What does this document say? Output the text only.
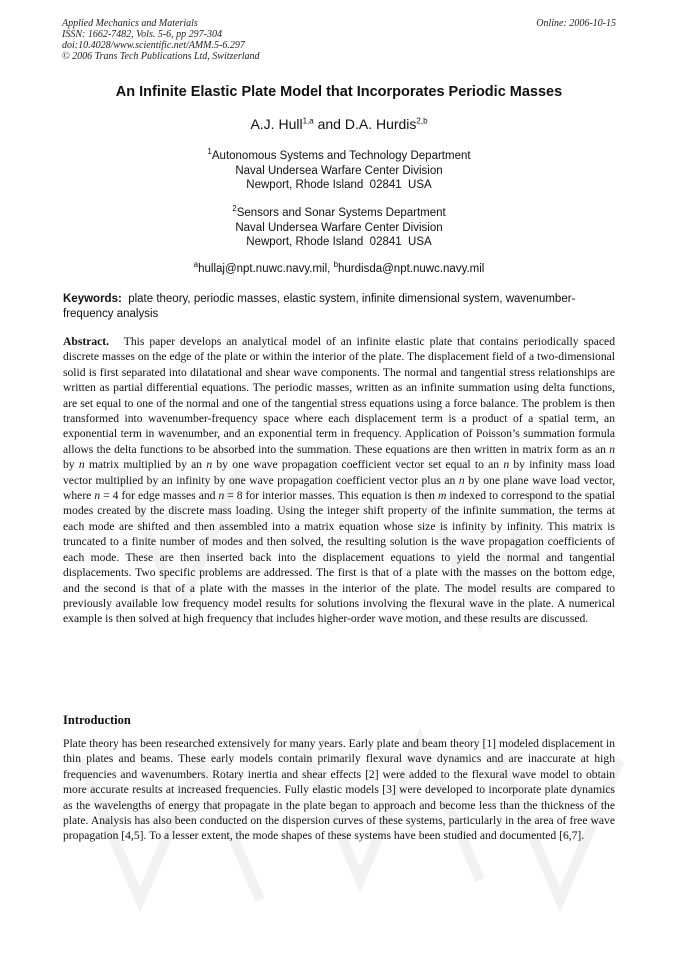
Applied Mechanics and Materials
ISSN: 1662-7482, Vols. 5-6, pp 297-304
doi:10.4028/www.scientific.net/AMM.5-6.297
© 2006 Trans Tech Publications Ltd, Switzerland
Online: 2006-10-15
An Infinite Elastic Plate Model that Incorporates Periodic Masses
A.J. Hull$^{1,a}$ and D.A. Hurdis$^{2,b}$
$^1$Autonomous Systems and Technology Department
Naval Undersea Warfare Center Division
Newport, Rhode Island  02841  USA
$^2$Sensors and Sonar Systems Department
Naval Undersea Warfare Center Division
Newport, Rhode Island  02841  USA
$^a$hullaj@npt.nuwc.navy.mil, $^b$hurdisda@npt.nuwc.navy.mil
Keywords: plate theory, periodic masses, elastic system, infinite dimensional system, wavenumber-frequency analysis
Abstract. This paper develops an analytical model of an infinite elastic plate that contains periodically spaced discrete masses on the edge of the plate or within the interior of the plate. The displacement field of a two-dimensional solid is first separated into dilatational and shear wave components. The normal and tangential stress relationships are written as partial differential equations. The periodic masses, written as an infinite summation using delta functions, are set equal to one of the normal and one of the tangential stress equations using a force balance. The problem is then transformed into wavenumber-frequency space where each displacement term is a product of a spatial term, an exponential term in wavenumber, and an exponential term in frequency. Application of Poisson’s summation formula allows the delta functions to be absorbed into the summation. These equations are then written in matrix form as an n by n matrix multiplied by an n by one wave propagation coefficient vector set equal to an n by infinity mass load vector multiplied by an infinity by one wave propagation coefficient vector plus an n by one plane wave load vector, where n = 4 for edge masses and n = 8 for interior masses. This equation is then m indexed to correspond to the spatial modes created by the discrete mass loading. Using the integer shift property of the infinite summation, the terms at each mode are shifted and then assembled into a matrix equation whose size is infinity by infinity. This matrix is truncated to a finite number of modes and then solved, the resulting solution is the wave propagation coefficients of each mode. These are then inserted back into the displacement equations to yield the normal and tangential displacements. Two specific problems are addressed. The first is that of a plate with the masses on the bottom edge, and the second is that of a plate with the masses in the interior of the plate. The model results are compared to previously available low frequency model results for solutions involving the flexural wave in the plate. A numerical example is then solved at high frequency that includes higher-order wave motion, and these results are discussed.
Introduction
Plate theory has been researched extensively for many years. Early plate and beam theory [1] modeled displacement in thin plates and beams. These early models contain primarily flexural wave dynamics and are inaccurate at high frequencies and wavenumbers. Rotary inertia and shear effects [2] were added to the flexural wave model to obtain more accurate results at increased frequencies. Fully elastic models [3] were developed to incorporate plate dynamics as the wavelengths of energy that propagate in the plate began to approach and become less than the thickness of the plate. Analysis has also been conducted on the dispersion curves of these systems, particularly in the area of free wave propagation [4,5]. To a lesser extent, the mode shapes of these systems have been studied and documented [6,7].
